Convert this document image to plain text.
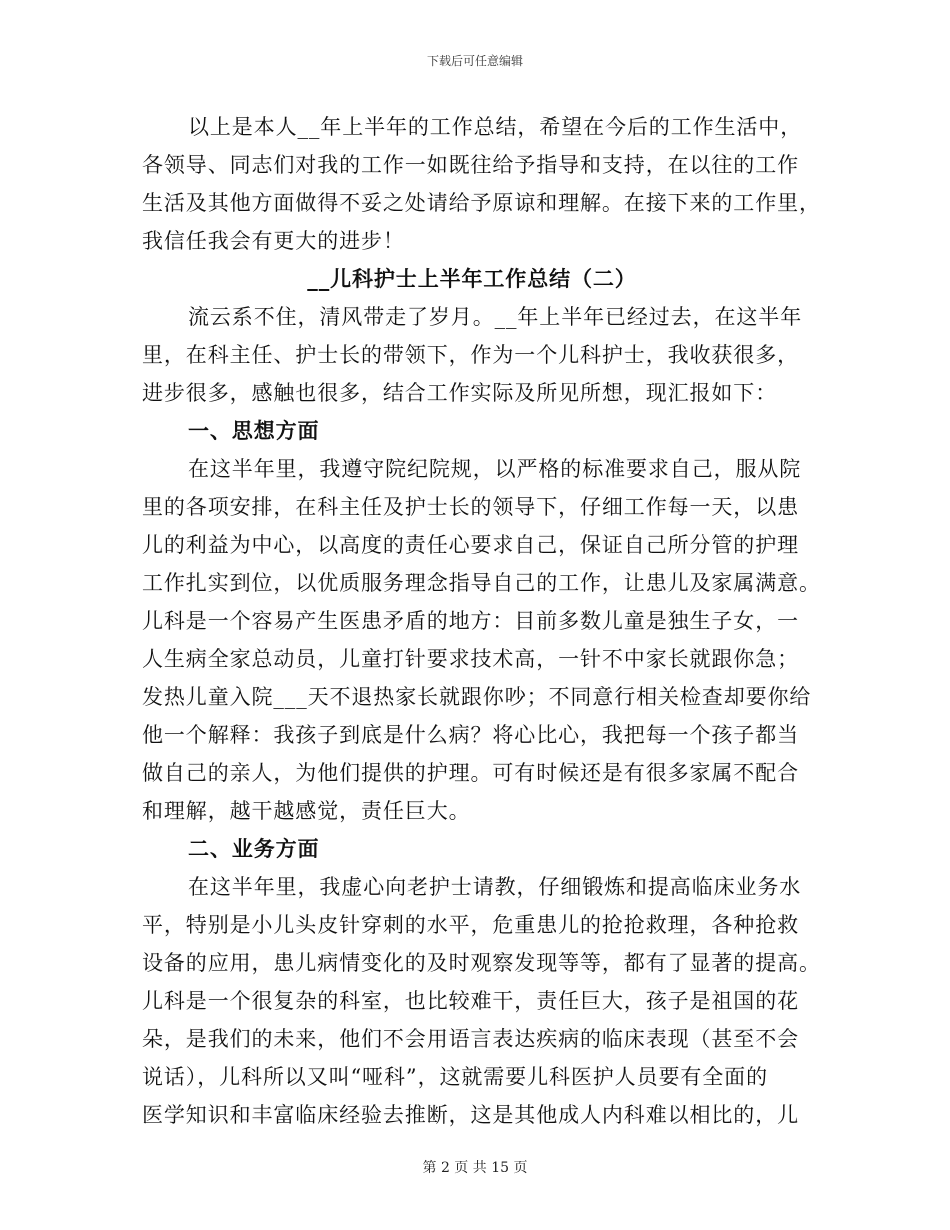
下载后可任意编辑
以上是本人__年上半年的工作总结，希望在今后的工作生活中，
各领导、同志们对我的工作一如既往给予指导和支持，在以往的工作
生活及其他方面做得不妥之处请给予原谅和理解。在接下来的工作里，
我信任我会有更大的进步！
__儿科护士上半年工作总结（二）
流云系不住，清风带走了岁月。__年上半年已经过去，在这半年
里，在科主任、护士长的带领下，作为一个儿科护士，我收获很多，
进步很多，感触也很多，结合工作实际及所见所想，现汇报如下：
一、思想方面
在这半年里，我遵守院纪院规，以严格的标准要求自己，服从院
里的各项安排，在科主任及护士长的领导下，仔细工作每一天，以患
儿的利益为中心，以高度的责任心要求自己，保证自己所分管的护理
工作扎实到位，以优质服务理念指导自己的工作，让患儿及家属满意。
儿科是一个容易产生医患矛盾的地方：目前多数儿童是独生子女，一
人生病全家总动员，儿童打针要求技术高，一针不中家长就跟你急；
发热儿童入院___天不退热家长就跟你吵；不同意行相关检查却要你给
他一个解释：我孩子到底是什么病？将心比心，我把每一个孩子都当
做自己的亲人，为他们提供的护理。可有时候还是有很多家属不配合
和理解，越干越感觉，责任巨大。
二、业务方面
在这半年里，我虚心向老护士请教，仔细锻炼和提高临床业务水
平，特别是小儿头皮针穿刺的水平，危重患儿的抢抢救理，各种抢救
设备的应用，患儿病情变化的及时观察发现等等，都有了显著的提高。
儿科是一个很复杂的科室，也比较难干，责任巨大，孩子是祖国的花
朵，是我们的未来，他们不会用语言表达疾病的临床表现（甚至不会
说话），儿科所以又叫“哑科”，这就需要儿科医护人员要有全面的
医学知识和丰富临床经验去推断，这是其他成人内科难以相比的，儿
第 2 页 共 15 页
